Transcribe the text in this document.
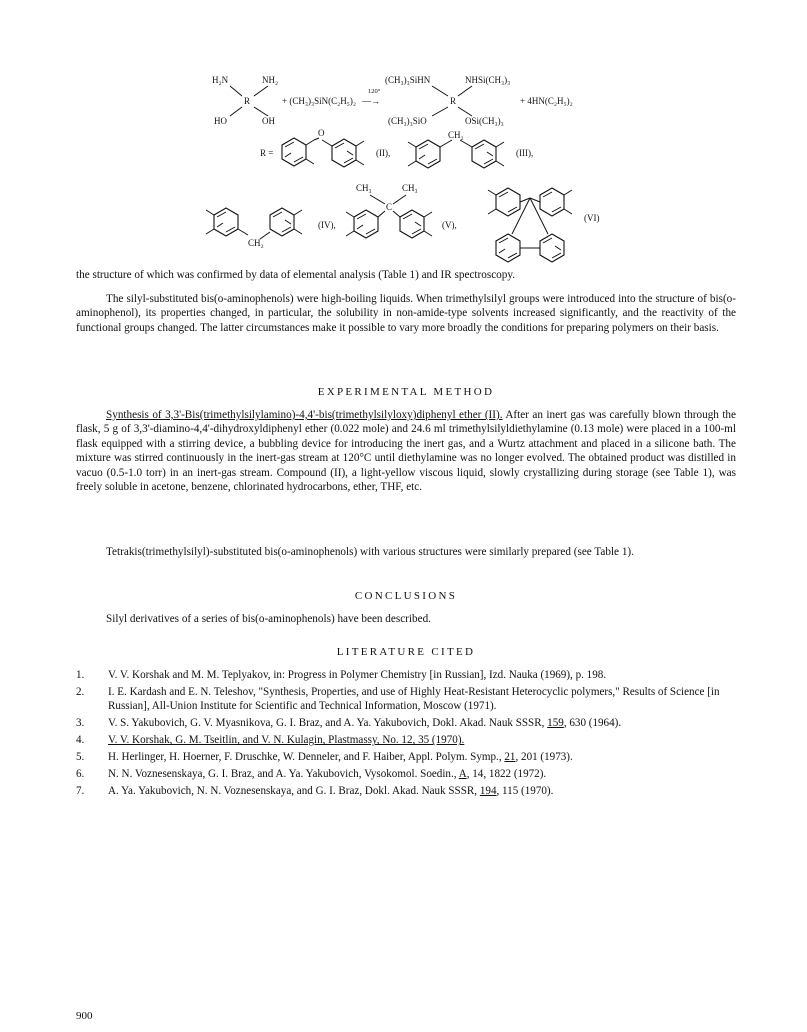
H₂N	NH₂
R
HO	OH
+ (CH₃)₃SiN(C₂H₅)₂
120°
—→
(CH₃)₃SiHN	NHSi(CH₃)₃
R
(CH₃)₃SiO	OSi(CH₃)₃
+ 4HN(C₂H₅)₂
R =
O
(II),
CH₂
(III),
CH₂
(IV),
CH₃	CH₃
C
(V),
(VI)
the structure of which was confirmed by data of elemental analysis (Table 1) and IR spectroscopy.

The silyl-substituted bis(o-aminophenols) were high-boiling liquids. When trimethylsilyl groups were introduced into the structure of bis(o-aminophenol), its properties changed, in particular, the solubility in non-amide-type solvents increased significantly, and the reactivity of the functional groups changed. The latter circumstances make it possible to vary more broadly the conditions for preparing polymers on their basis.

EXPERIMENTAL METHOD

Synthesis of 3,3'-Bis(trimethylsilylamino)-4,4'-bis(trimethylsilyloxy)diphenyl ether (II). After an inert gas was carefully blown through the flask, 5 g of 3,3'-diamino-4,4'-dihydroxyldiphenyl ether (0.022 mole) and 24.6 ml trimethylsilyldiethylamine (0.13 mole) were placed in a 100-ml flask equipped with a stirring device, a bubbling device for introducing the inert gas, and a Wurtz attachment and placed in a silicone bath. The mixture was stirred continuously in the inert-gas stream at 120°C until diethylamine was no longer evolved. The obtained product was distilled in vacuo (0.5-1.0 torr) in an inert-gas stream. Compound (II), a light-yellow viscous liquid, slowly crystallizing during storage (see Table 1), was freely soluble in acetone, benzene, chlorinated hydrocarbons, ether, THF, etc.

Tetrakis(trimethylsilyl)-substituted bis(o-aminophenols) with various structures were similarly prepared (see Table 1).

CONCLUSIONS

Silyl derivatives of a series of bis(o-aminophenols) have been described.

LITERATURE CITED
1.	V. V. Korshak and M. M. Teplyakov, in: Progress in Polymer Chemistry [in Russian], Izd. Nauka (1969), p. 198.
2.	I. E. Kardash and E. N. Teleshov, "Synthesis, Properties, and use of Highly Heat-Resistant Heterocyclic polymers," Results of Science [in Russian], All-Union Institute for Scientific and Technical Information, Moscow (1971).
3.	V. S. Yakubovich, G. V. Myasnikova, G. I. Braz, and A. Ya. Yakubovich, Dokl. Akad. Nauk SSSR, 159, 630 (1964).
4.	V. V. Korshak, G. M. Tseitlin, and V. N. Kulagin, Plastmassy, No. 12, 35 (1970).
5.	H. Herlinger, H. Hoerner, F. Druschke, W. Denneler, and F. Haiber, Appl. Polym. Symp., 21, 201 (1973).
6.	N. N. Voznesenskaya, G. I. Braz, and A. Ya. Yakubovich, Vysokomol. Soedin., A, 14, 1822 (1972).
7.	A. Ya. Yakubovich, N. N. Voznesenskaya, and G. I. Braz, Dokl. Akad. Nauk SSSR, 194, 115 (1970).
900
